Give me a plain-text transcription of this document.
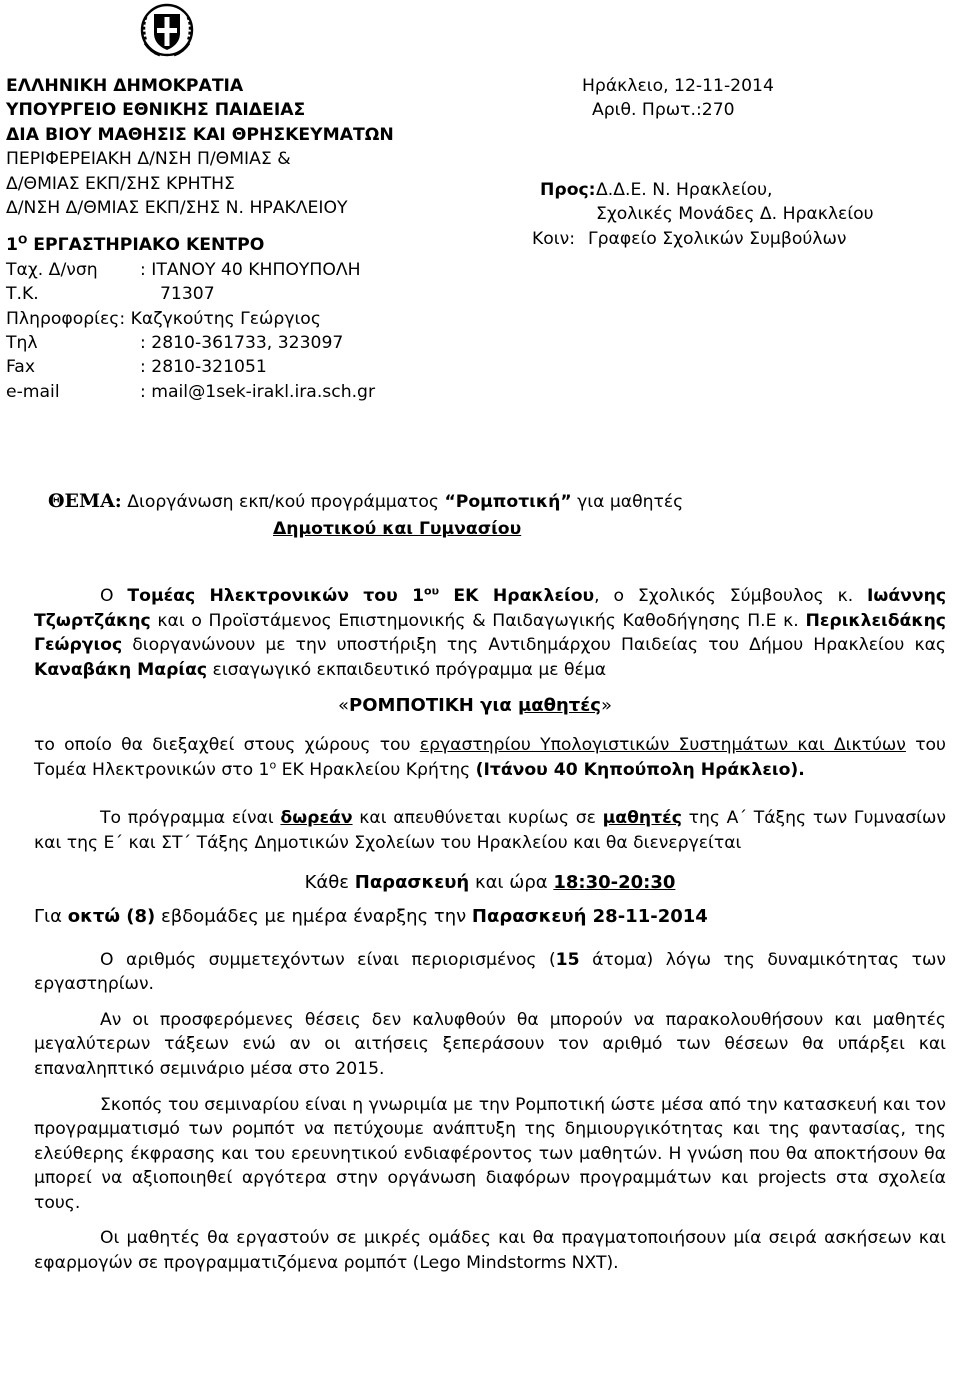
ΕΛΛΗΝΙΚΗ ΔΗΜΟΚΡΑΤΙΑ
ΥΠΟΥΡΓΕΙΟ ΕΘΝΙΚΗΣ ΠΑΙΔΕΙΑΣ
ΔΙΑ ΒΙΟΥ ΜΑΘΗΣΙΣ ΚΑΙ ΘΡΗΣΚΕΥΜΑΤΩΝ
ΠΕΡΙΦΕΡΕΙΑΚΗ Δ/ΝΣΗ Π/ΘΜΙΑΣ &
Δ/ΘΜΙΑΣ ΕΚΠ/ΣΗΣ ΚΡΗΤΗΣ
Δ/ΝΣΗ Δ/ΘΜΙΑΣ ΕΚΠ/ΣΗΣ Ν. ΗΡΑΚΛΕΙΟΥ
$1^O$ ΕΡΓΑΣΤΗΡΙΑΚΟ ΚΕΝΤΡΟ
Ταχ. Δ/νση	: ΙΤΑΝΟΥ 40 ΚΗΠΟΥΠΟΛΗ
Τ.Κ.	71307
Πληροφορίες:
Καζγκούτης Γεώργιος
Τηλ	: 2810-361733, 323097
Fax	: 2810-321051
e-mail	: mail@1sek-irakl.ira.sch.gr
Ηράκλειο, 12-11-2014
Αριθ. Πρωτ.:270
Προς:Δ.Δ.Ε. Ν. Ηρακλείου,
Σχολικές Μονάδες Δ. Ηρακλείου
Κοιν: Γραφείο Σχολικών Συμβούλων
ΘΕΜΑ: Διοργάνωση εκπ/κού προγράμματος “Ρομποτική” για μαθητές
Δημοτικού και Γυμνασίου

Ο Τομέας Ηλεκτρονικών του $1^{o\upsilon}$ ΕΚ Ηρακλείου, ο Σχολικός Σύμβουλος κ. Ιωάννης Τζωρτζάκης και ο Προϊστάμενος Επιστημονικής & Παιδαγωγικής Καθοδήγησης Π.Ε κ. Περικλειδάκης Γεώργιος διοργανώνουν με την υποστήριξη της Αντιδημάρχου Παιδείας του Δήμου Ηρακλείου κας Καναβάκη Μαρίας εισαγωγικό εκπαιδευτικό πρόγραμμα με θέμα

«ΡΟΜΠΟΤΙΚΗ για μαθητές»

το οποίο θα διεξαχθεί στους χώρους του εργαστηρίου Υπολογιστικών Συστημάτων και Δικτύων του Τομέα Ηλεκτρονικών στο $1^o$ ΕΚ Ηρακλείου Κρήτης (Ιτάνου 40 Κηπούπολη Ηράκλειο).

Το πρόγραμμα είναι δωρεάν και απευθύνεται κυρίως σε μαθητές της Α΄ Τάξης των Γυμνασίων και της Ε΄ και ΣΤ΄ Τάξης Δημοτικών Σχολείων του Ηρακλείου και θα διενεργείται

Κάθε Παρασκευή και ώρα 18:30-20:30

Για οκτώ (8) εβδομάδες με ημέρα έναρξης την Παρασκευή 28-11-2014

Ο αριθμός συμμετεχόντων είναι περιορισμένος (15 άτομα) λόγω της δυναμικότητας των εργαστηρίων.

Αν οι προσφερόμενες θέσεις δεν καλυφθούν θα μπορούν να παρακολουθήσουν και μαθητές μεγαλύτερων τάξεων ενώ αν οι αιτήσεις ξεπεράσουν τον αριθμό των θέσεων θα υπάρξει και επαναληπτικό σεμινάριο μέσα στο 2015.

Σκοπός του σεμιναρίου είναι η γνωριμία με την Ρομποτική ώστε μέσα από την κατασκευή και τον προγραμματισμό των ρομπότ να πετύχουμε ανάπτυξη της δημιουργικότητας και της φαντασίας, της ελεύθερης έκφρασης και του ερευνητικού ενδιαφέροντος των μαθητών. Η γνώση που θα αποκτήσουν θα μπορεί να αξιοποιηθεί αργότερα στην οργάνωση διαφόρων προγραμμάτων και projects στα σχολεία τους.

Οι μαθητές θα εργαστούν σε μικρές ομάδες και θα πραγματοποιήσουν μία σειρά ασκήσεων και εφαρμογών σε προγραμματιζόμενα ρομπότ (Lego Mindstorms NXT).
